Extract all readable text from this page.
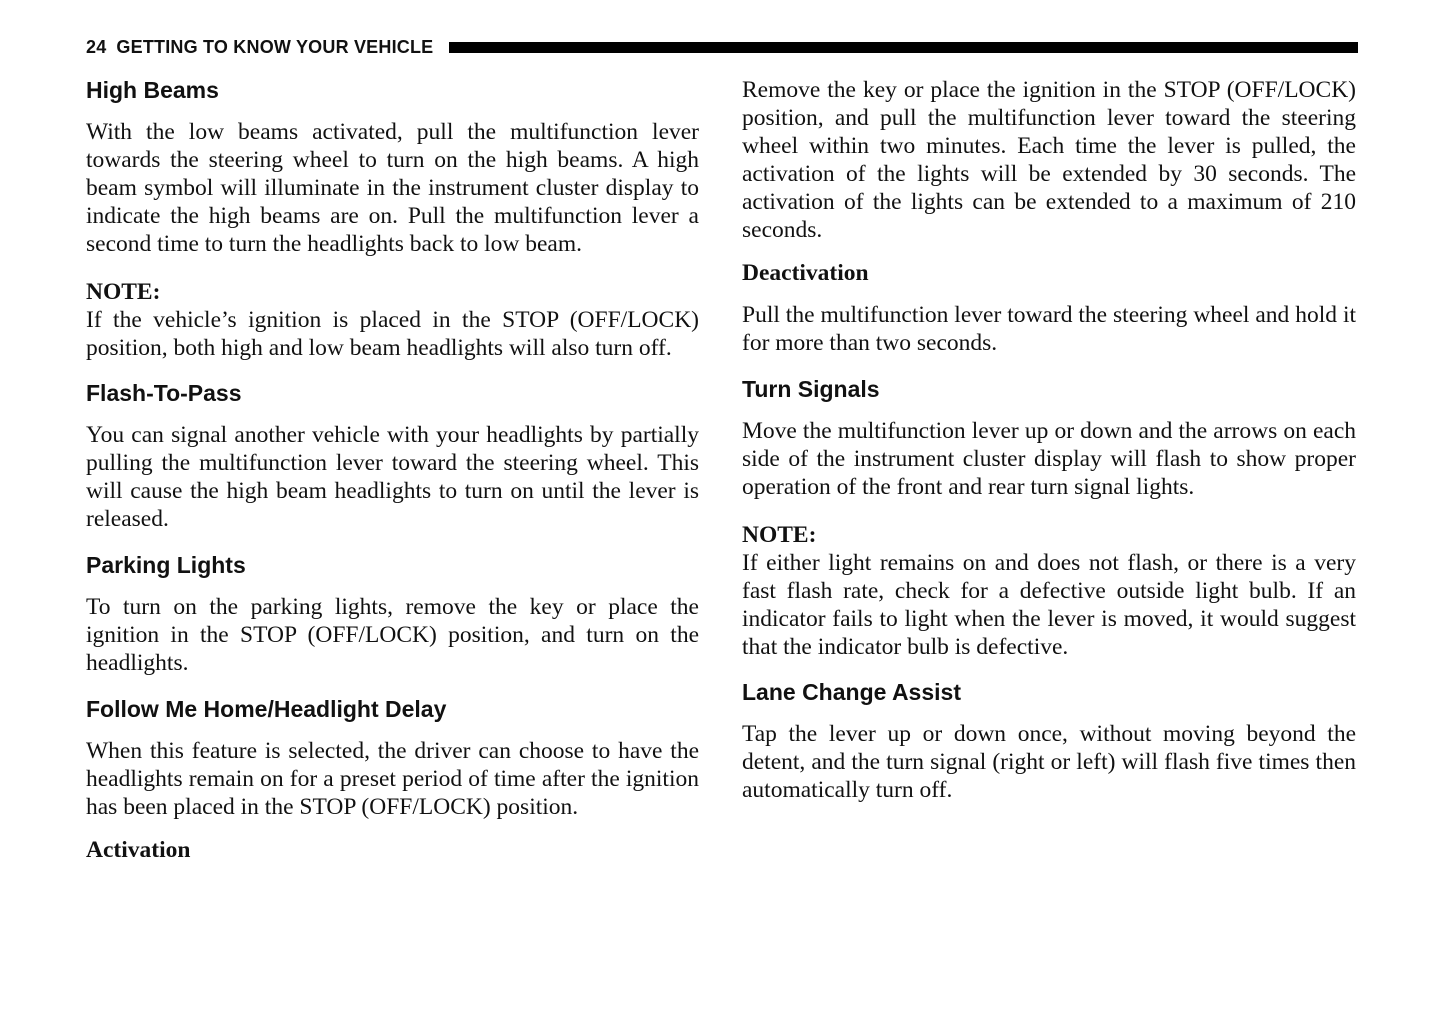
24 GETTING TO KNOW YOUR VEHICLE
High Beams

With the low beams activated, pull the multifunction lever towards the steering wheel to turn on the high beams. A high beam symbol will illuminate in the instrument cluster display to indicate the high beams are on. Pull the multifunction lever a second time to turn the headlights back to low beam.

NOTE:

If the vehicle’s ignition is placed in the STOP (OFF/LOCK) position, both high and low beam headlights will also turn off.

Flash-To-Pass

You can signal another vehicle with your headlights by partially pulling the multifunction lever toward the steering wheel. This will cause the high beam headlights to turn on until the lever is released.

Parking Lights

To turn on the parking lights, remove the key or place the ignition in the STOP (OFF/LOCK) position, and turn on the headlights.

Follow Me Home/Headlight Delay

When this feature is selected, the driver can choose to have the headlights remain on for a preset period of time after the ignition has been placed in the STOP (OFF/LOCK) position.

Activation

Remove the key or place the ignition in the STOP (OFF/LOCK) position, and pull the multifunction lever toward the steering wheel within two minutes. Each time the lever is pulled, the activation of the lights will be extended by 30 seconds. The activation of the lights can be extended to a maximum of 210 seconds.

Deactivation

Pull the multifunction lever toward the steering wheel and hold it for more than two seconds.

Turn Signals

Move the multifunction lever up or down and the arrows on each side of the instrument cluster display will flash to show proper operation of the front and rear turn signal lights.

NOTE:

If either light remains on and does not flash, or there is a very fast flash rate, check for a defective outside light bulb. If an indicator fails to light when the lever is moved, it would suggest that the indicator bulb is defective.

Lane Change Assist

Tap the lever up or down once, without moving beyond the detent, and the turn signal (right or left) will flash five times then automatically turn off.
